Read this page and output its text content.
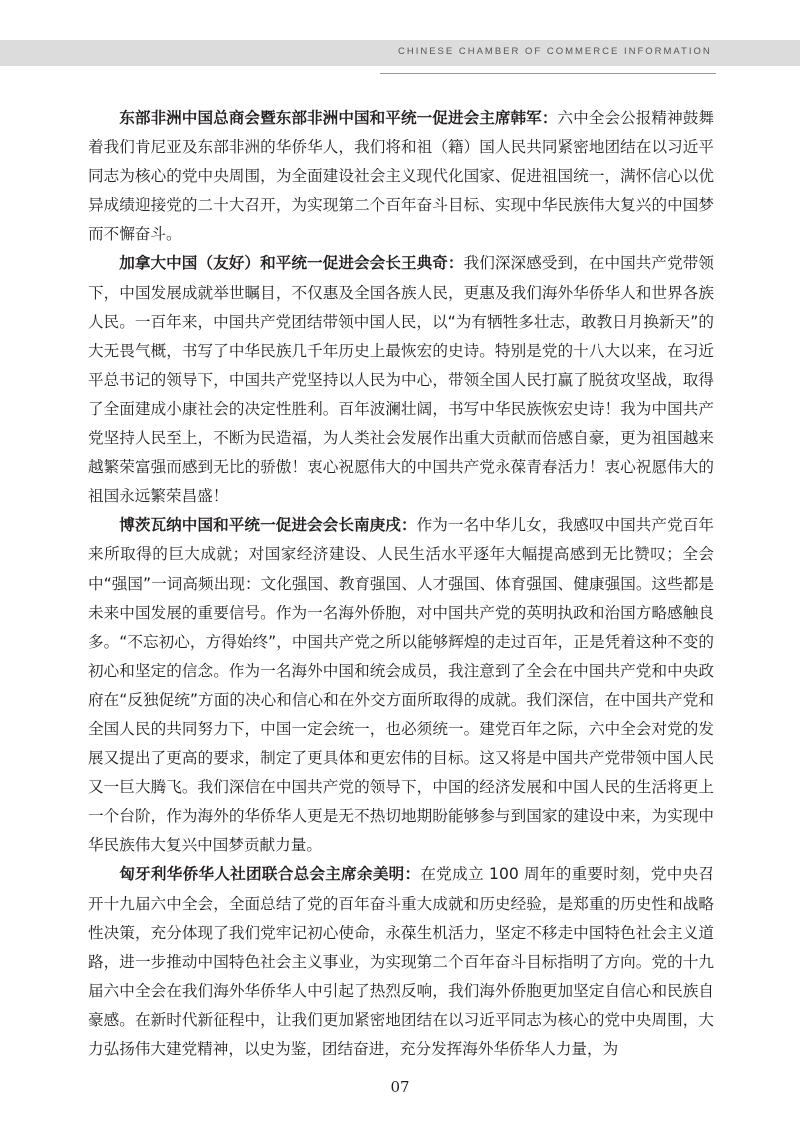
CHINESE CHAMBER OF COMMERCE INFORMATION

东部非洲中国总商会暨东部非洲中国和平统一促进会主席韩军：六中全会公报精神鼓舞着我们肯尼亚及东部非洲的华侨华人，我们将和祖（籍）国人民共同紧密地团结在以习近平同志为核心的党中央周围，为全面建设社会主义现代化国家、促进祖国统一，满怀信心以优异成绩迎接党的二十大召开，为实现第二个百年奋斗目标、实现中华民族伟大复兴的中国梦而不懈奋斗。

加拿大中国（友好）和平统一促进会会长王典奇：我们深深感受到，在中国共产党带领下，中国发展成就举世瞩目，不仅惠及全国各族人民，更惠及我们海外华侨华人和世界各族人民。一百年来，中国共产党团结带领中国人民，以“为有牺牲多壮志，敢教日月换新天”的大无畏气概，书写了中华民族几千年历史上最恢宏的史诗。特别是党的十八大以来，在习近平总书记的领导下，中国共产党坚持以人民为中心，带领全国人民打赢了脱贫攻坚战，取得了全面建成小康社会的决定性胜利。百年波澜壮阔，书写中华民族恢宏史诗！我为中国共产党坚持人民至上，不断为民造福，为人类社会发展作出重大贡献而倍感自豪，更为祖国越来越繁荣富强而感到无比的骄傲！衷心祝愿伟大的中国共产党永葆青春活力！衷心祝愿伟大的祖国永远繁荣昌盛！

博茨瓦纳中国和平统一促进会会长南庚戌：作为一名中华儿女，我感叹中国共产党百年来所取得的巨大成就；对国家经济建设、人民生活水平逐年大幅提高感到无比赞叹；全会中“强国”一词高频出现：文化强国、教育强国、人才强国、体育强国、健康强国。这些都是未来中国发展的重要信号。作为一名海外侨胞，对中国共产党的英明执政和治国方略感触良多。“不忘初心，方得始终”，中国共产党之所以能够辉煌的走过百年，正是凭着这种不变的初心和坚定的信念。作为一名海外中国和统会成员，我注意到了全会在中国共产党和中央政府在“反独促统”方面的决心和信心和在外交方面所取得的成就。我们深信，在中国共产党和全国人民的共同努力下，中国一定会统一，也必须统一。建党百年之际，六中全会对党的发展又提出了更高的要求，制定了更具体和更宏伟的目标。这又将是中国共产党带领中国人民又一巨大腾飞。我们深信在中国共产党的领导下，中国的经济发展和中国人民的生活将更上一个台阶，作为海外的华侨华人更是无不热切地期盼能够参与到国家的建设中来，为实现中华民族伟大复兴中国梦贡献力量。

匈牙利华侨华人社团联合总会主席余美明：在党成立 100 周年的重要时刻，党中央召开十九届六中全会，全面总结了党的百年奋斗重大成就和历史经验，是郑重的历史性和战略性决策，充分体现了我们党牢记初心使命，永葆生机活力，坚定不移走中国特色社会主义道路，进一步推动中国特色社会主义事业，为实现第二个百年奋斗目标指明了方向。党的十九届六中全会在我们海外华侨华人中引起了热烈反响，我们海外侨胞更加坚定自信心和民族自豪感。在新时代新征程中，让我们更加紧密地团结在以习近平同志为核心的党中央周围，大力弘扬伟大建党精神，以史为鉴，团结奋进，充分发挥海外华侨华人力量，为

07
